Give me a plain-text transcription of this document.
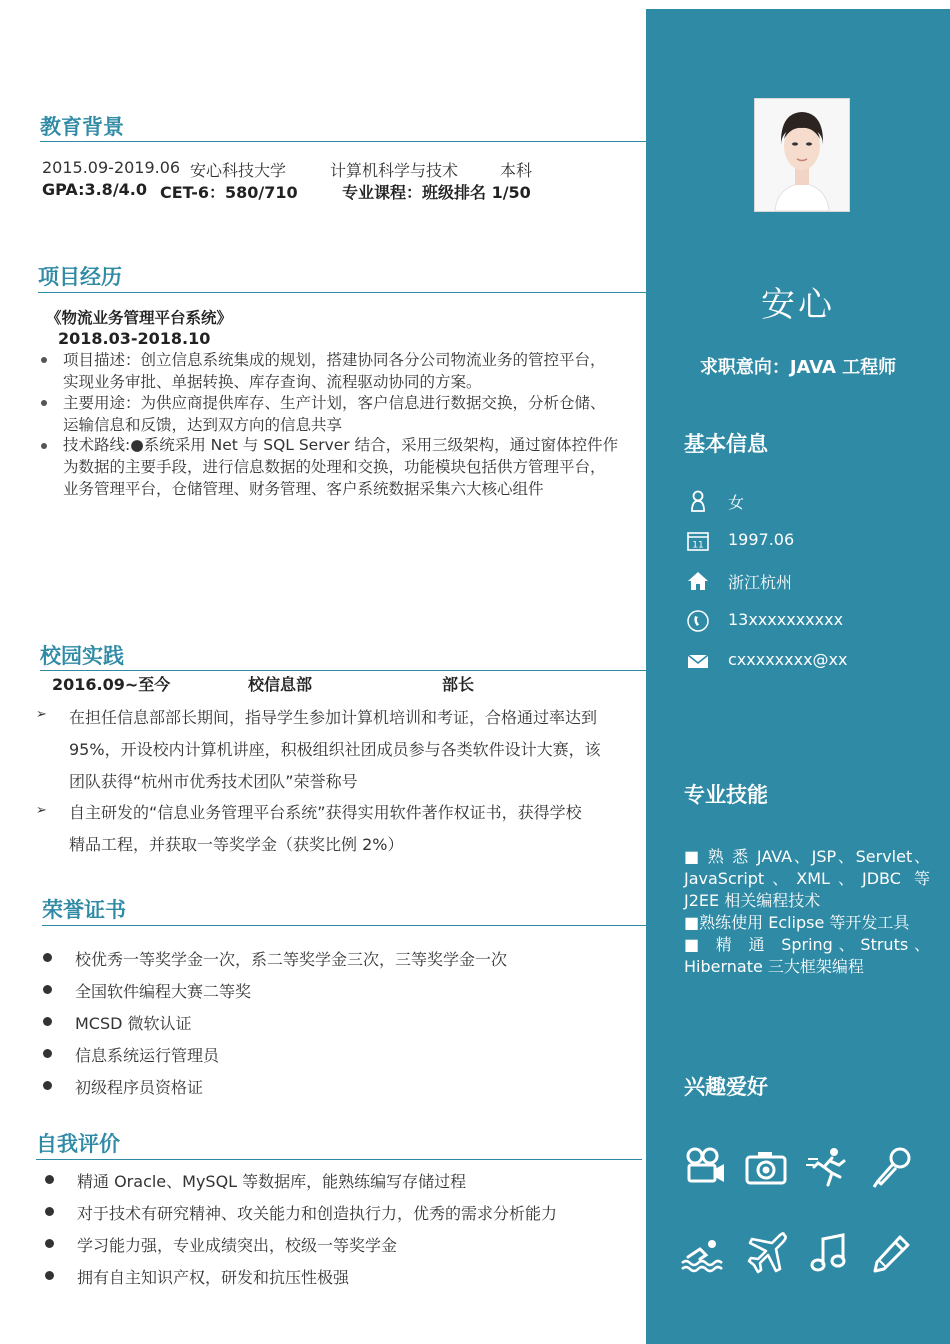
教育背景
2015.09-2019.06 安心科技大学	计算机科学与技术	本科
GPA:3.8/4.0 CET-6：580/710	专业课程：班级排名 1/50
项目经历
《物流业务管理平台系统》
2018.03-2018.10
项目描述：创立信息系统集成的规划，搭建协同各分公司物流业务的管控平台，
实现业务审批、单据转换、库存查询、流程驱动协同的方案。
主要用途：为供应商提供库存、生产计划，客户信息进行数据交换，分析仓储、
运输信息和反馈，达到双方向的信息共享
技术路线:●系统采用 Net 与 SQL Server 结合，采用三级架构，通过窗体控件作
为数据的主要手段，进行信息数据的处理和交换，功能模块包括供方管理平台，
业务管理平台，仓储管理、财务管理、客户系统数据采集六大核心组件
校园实践
2016.09~至今	校信息部	部长
➢ 在担任信息部部长期间，指导学生参加计算机培训和考证，合格通过率达到
95%，开设校内计算机讲座，积极组织社团成员参与各类软件设计大赛，该
团队获得“杭州市优秀技术团队”荣誉称号
➢ 自主研发的“信息业务管理平台系统”获得实用软件著作权证书，获得学校
精品工程，并获取一等奖学金（获奖比例 2%）
荣誉证书
校优秀一等奖学金一次，系二等奖学金三次，三等奖学金一次
全国软件编程大赛二等奖
MCSD 微软认证
信息系统运行管理员
初级程序员资格证
自我评价
精通 Oracle、MySQL 等数据库，能熟练编写存储过程
对于技术有研究精神、攻关能力和创造执行力，优秀的需求分析能力
学习能力强，专业成绩突出，校级一等奖学金
拥有自主知识产权，研发和抗压性极强
安心
求职意向：JAVA 工程师
基本信息
女
11 1997.06
浙江杭州
13xxxxxxxxxx
cxxxxxxxx@xx
专业技能
■ 熟 悉 JAVA、JSP、Servlet、JavaScript、XML、JDBC 等 J2EE 相关编程技术
■熟练使用 Eclipse 等开发工具
■ 精 通 Spring、Struts、Hibernate 三大框架编程
兴趣爱好
